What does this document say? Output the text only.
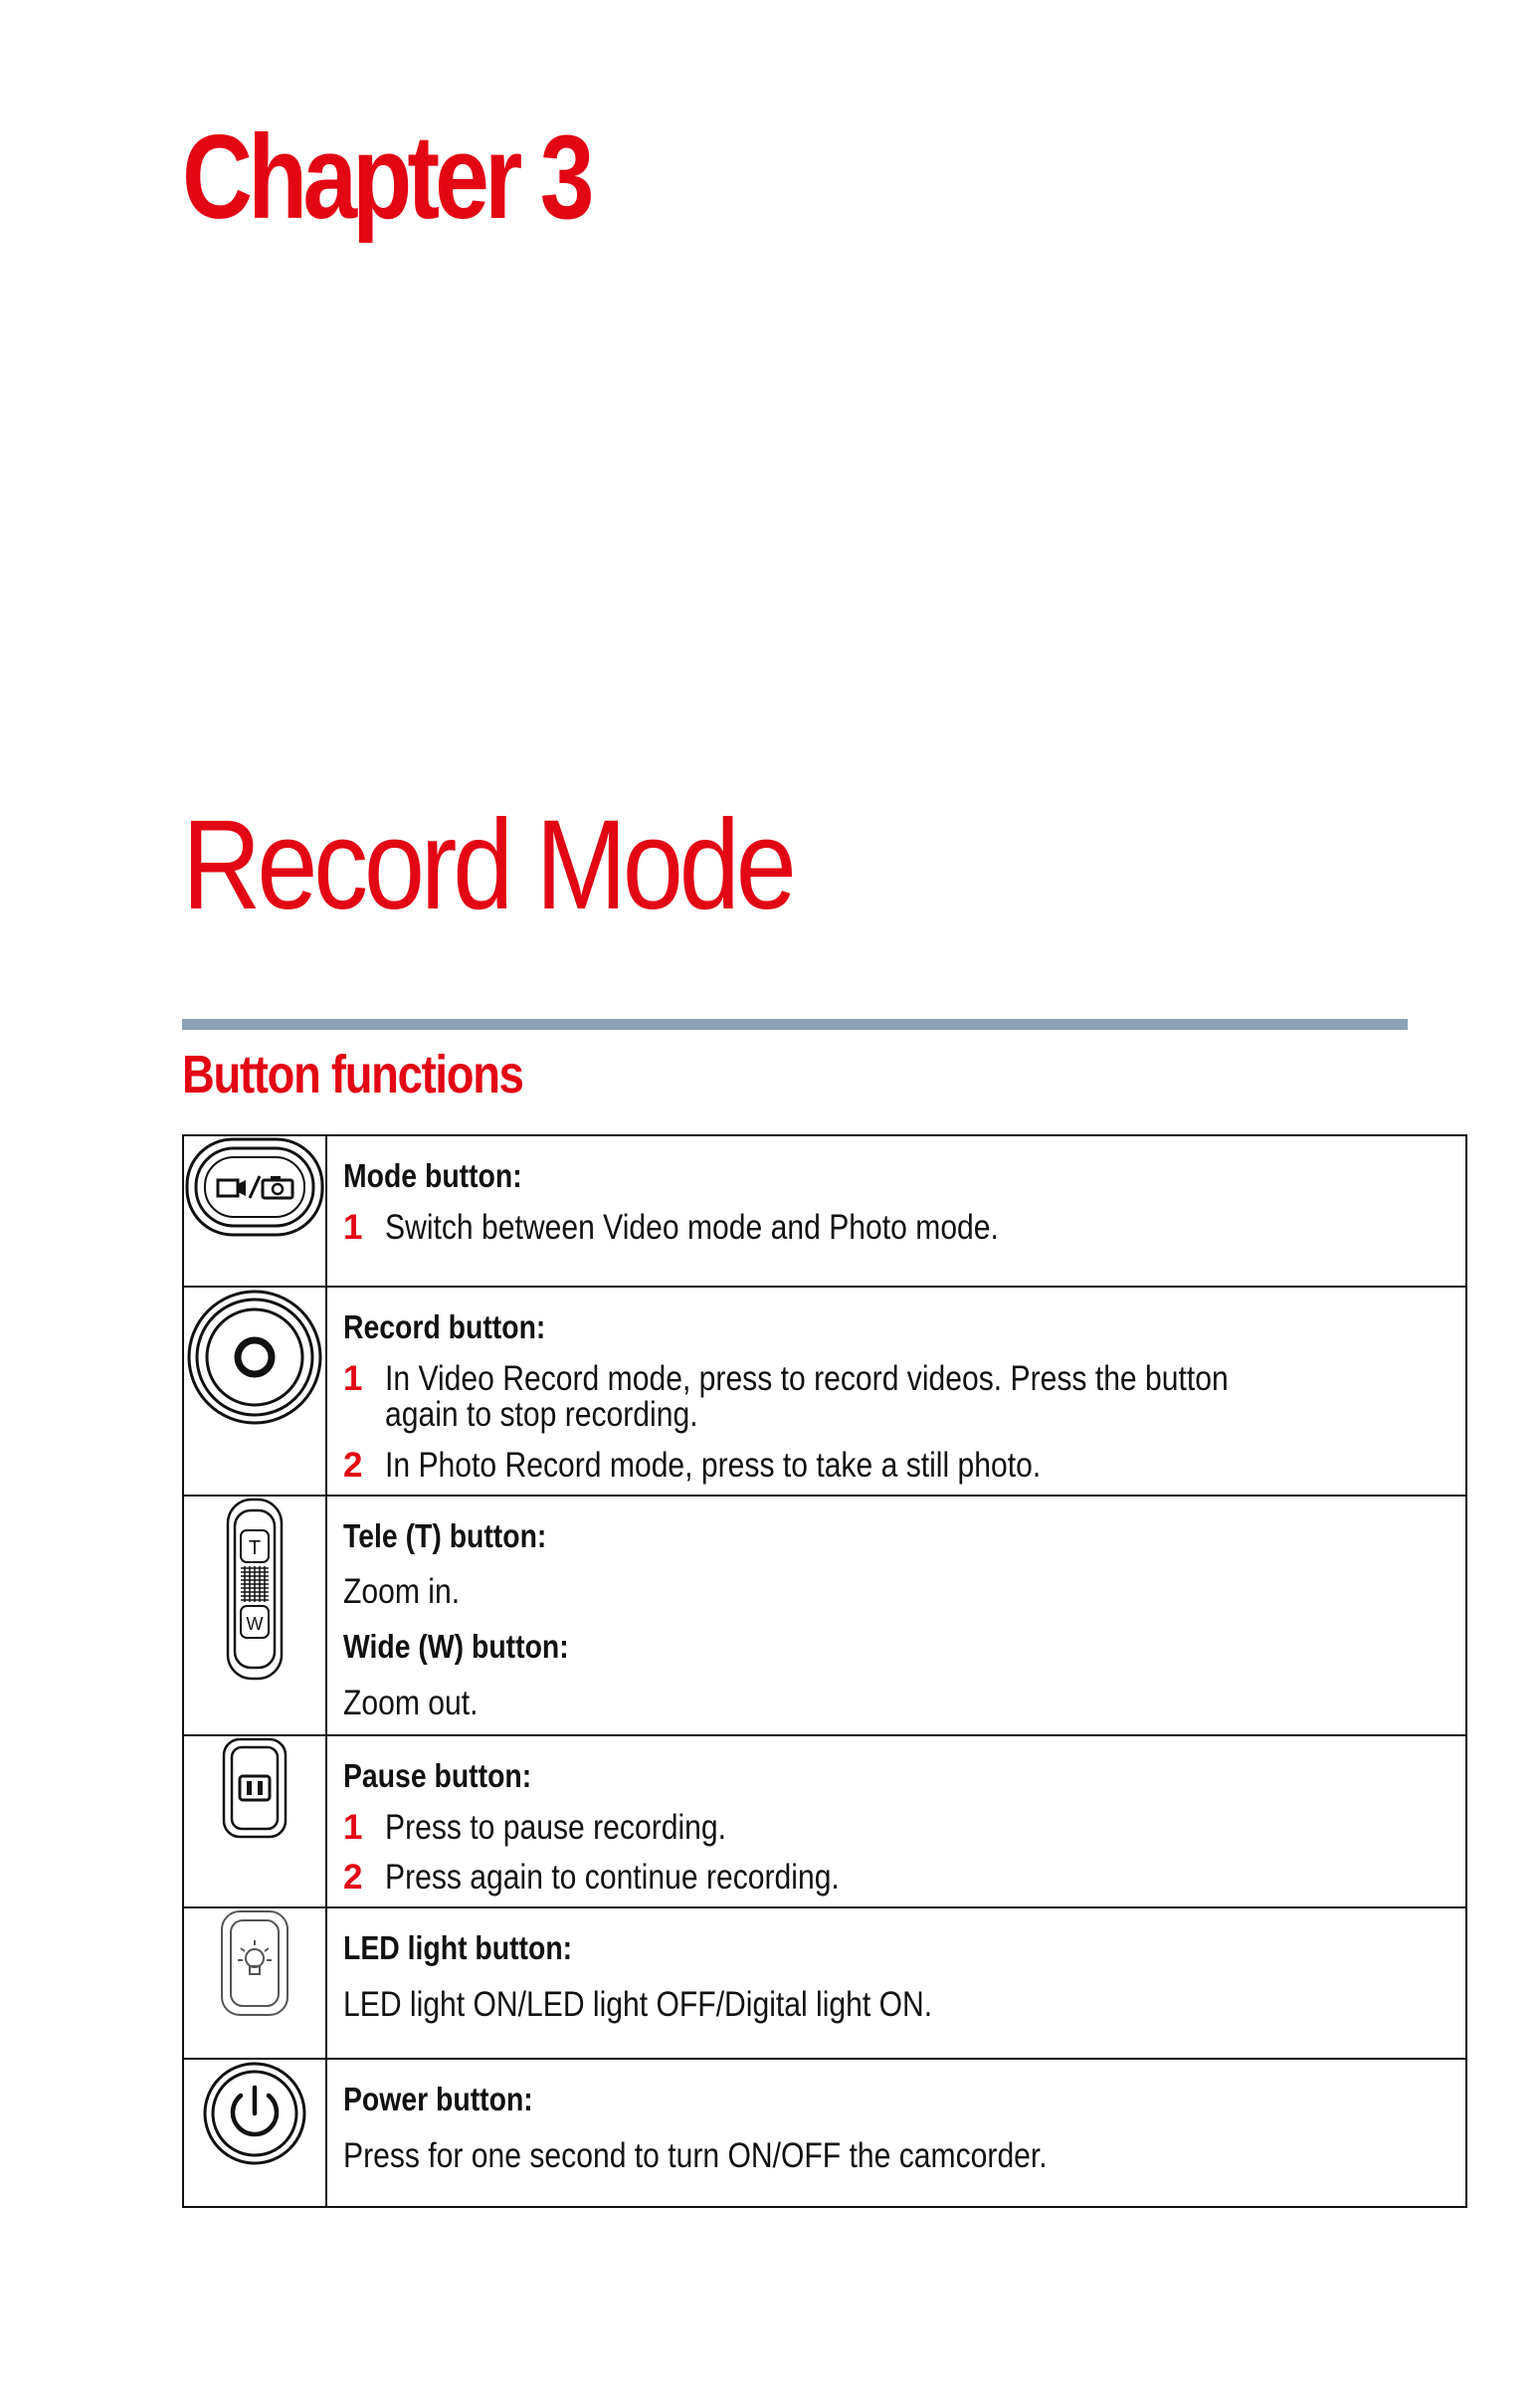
Chapter 3
Record Mode
Button functions

Mode button:
1 Switch between Video mode and Photo mode.

Record button:
1 In Video Record mode, press to record videos. Press the button again to stop recording.
2 In Photo Record mode, press to take a still photo.

T
W	Tele (T) button:
Zoom in.
Wide (W) button:
Zoom out.

Pause button:
1 Press to pause recording.
2 Press again to continue recording.

LED light button:
LED light ON/LED light OFF/Digital light ON.

Power button:
Press for one second to turn ON/OFF the camcorder.
